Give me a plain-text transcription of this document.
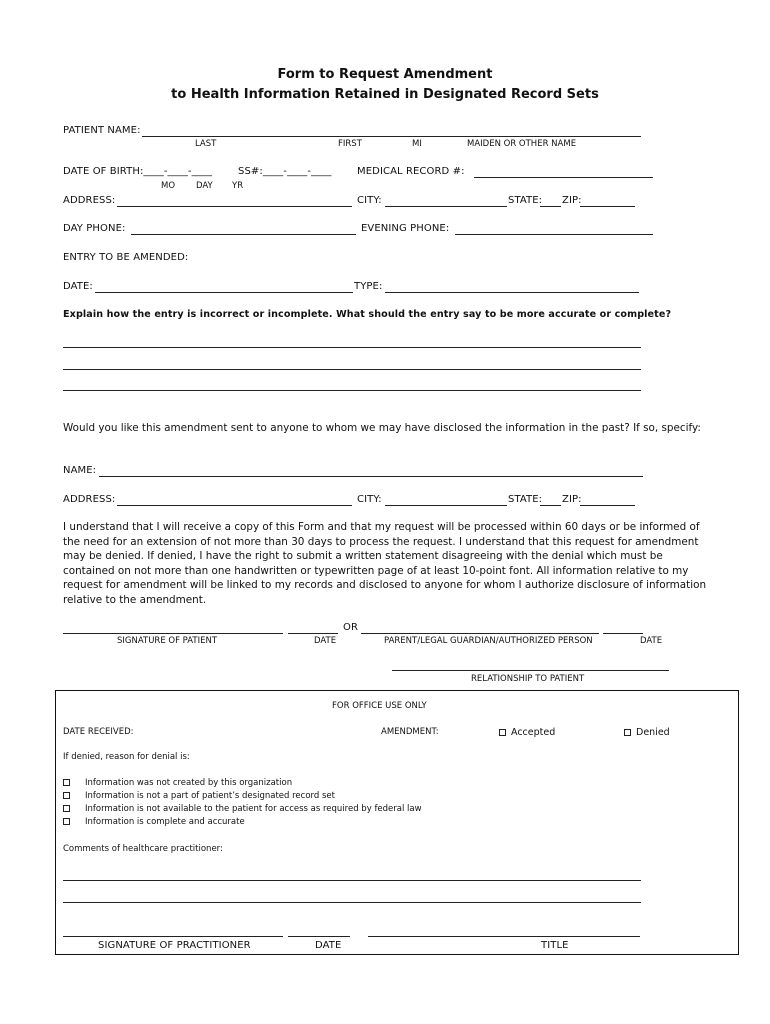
Form to Request Amendment
to Health Information Retained in Designated Record Sets
PATIENT NAME:
LAST	FIRST	MI	MAIDEN OR OTHER NAME
DATE OF BIRTH:____-____-____	SS#:____-____-____	MEDICAL RECORD #:
MO DAY YR
ADDRESS:	CITY:	STATE: ZIP:
DAY PHONE:	EVENING PHONE:
ENTRY TO BE AMENDED:
DATE:	TYPE:
Explain how the entry is incorrect or incomplete. What should the entry say to be more accurate or complete?
Would you like this amendment sent to anyone to whom we may have disclosed the information in the past? If so, specify:
NAME:
ADDRESS:	CITY:	STATE: ZIP:
I understand that I will receive a copy of this Form and that my request will be processed within 60 days or be informed of the need for an extension of not more than 30 days to process the request. I understand that this request for amendment may be denied. If denied, I have the right to submit a written statement disagreeing with the denial which must be contained on not more than one handwritten or typewritten page of at least 10-point font. All information relative to my request for amendment will be linked to my records and disclosed to anyone for whom I authorize disclosure of information relative to the amendment.
OR
SIGNATURE OF PATIENT	DATE	PARENT/LEGAL GUARDIAN/AUTHORIZED PERSON	DATE
RELATIONSHIP TO PATIENT
FOR OFFICE USE ONLY
DATE RECEIVED:	AMENDMENT:	Accepted	Denied
If denied, reason for denial is:
Information was not created by this organization
Information is not a part of patient’s designated record set
Information is not available to the patient for access as required by federal law
Information is complete and accurate
Comments of healthcare practitioner:
SIGNATURE OF PRACTITIONER	DATE	TITLE
